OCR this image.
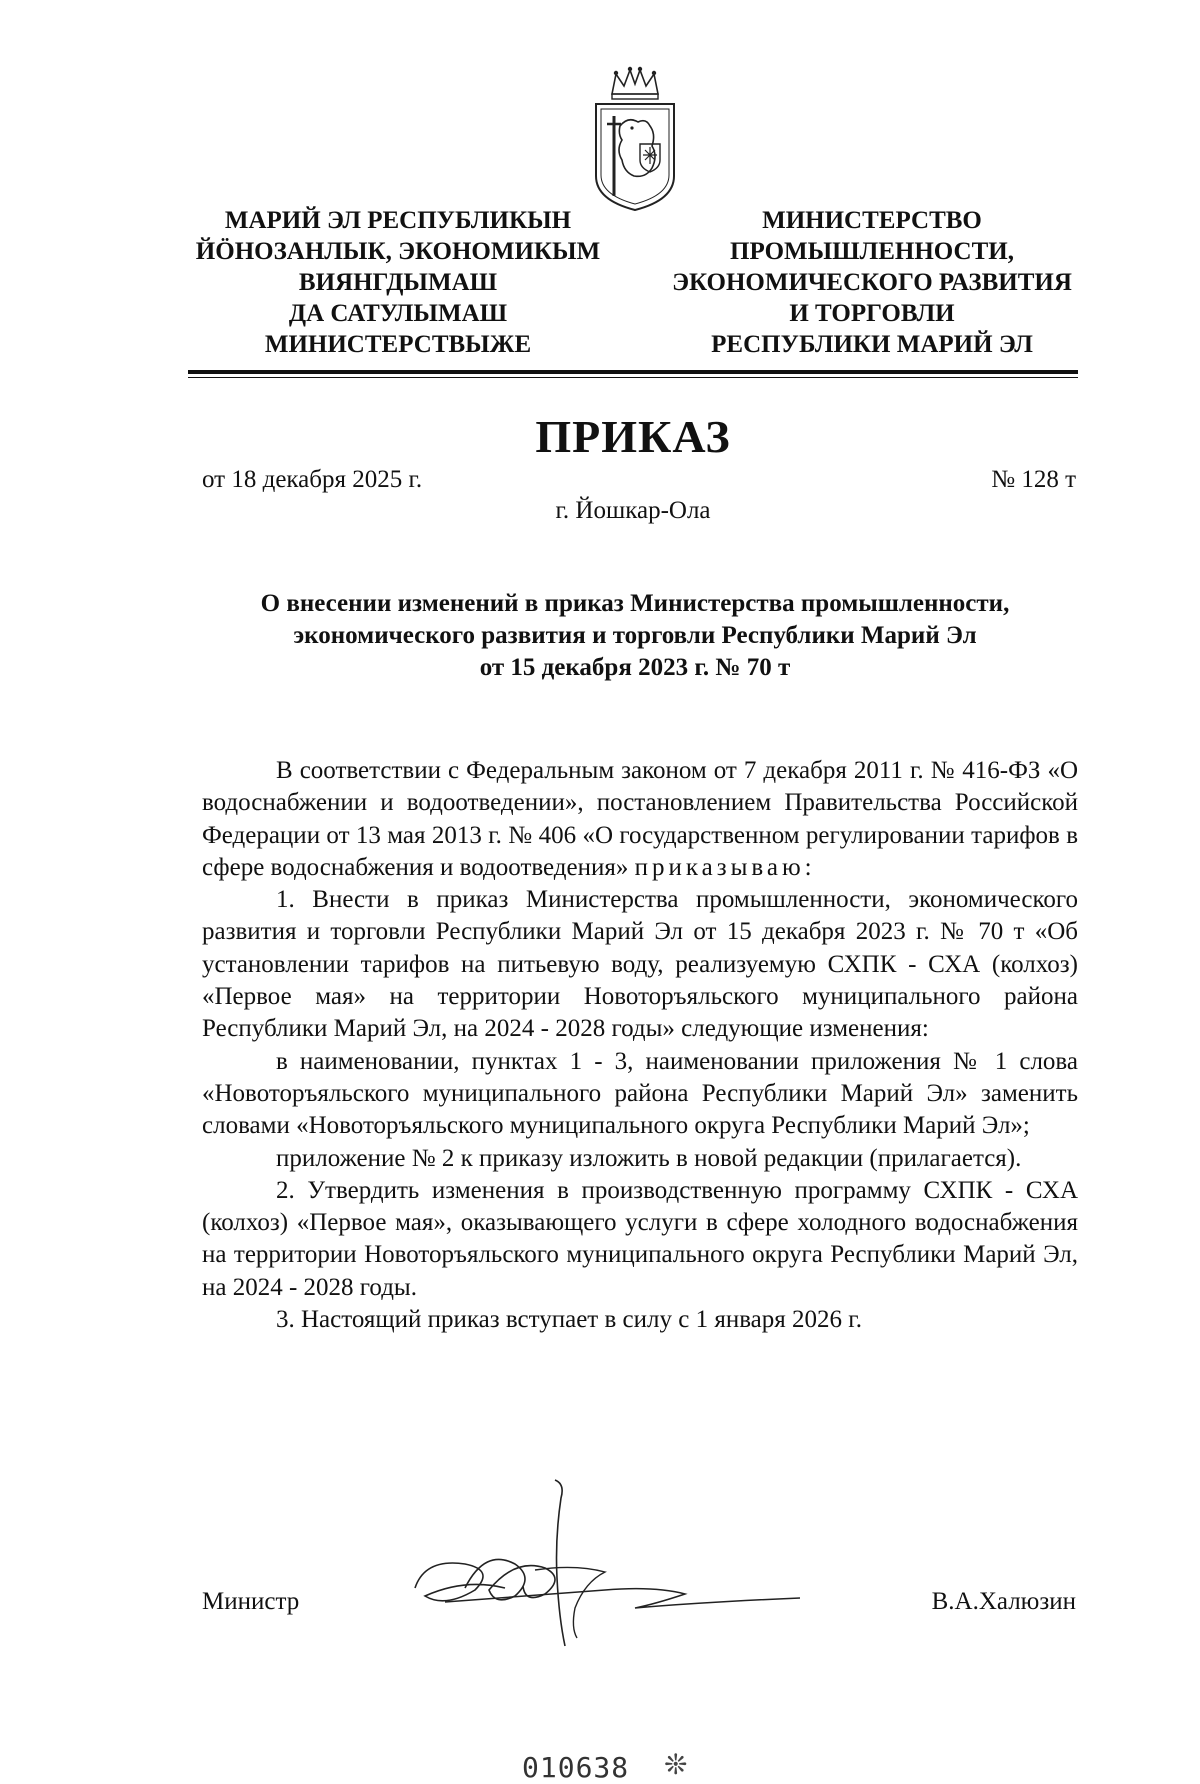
МАРИЙ ЭЛ РЕСПУБЛИКЫН
ЙÖНОЗАНЛЫК, ЭКОНОМИКЫМ
ВИЯНГДЫМАШ
ДА САТУЛЫМАШ
МИНИСТЕРСТВЫЖЕ
МИНИСТЕРСТВО
ПРОМЫШЛЕННОСТИ,
ЭКОНОМИЧЕСКОГО РАЗВИТИЯ
И ТОРГОВЛИ
РЕСПУБЛИКИ МАРИЙ ЭЛ
ПРИКАЗ
от 18 декабря 2025 г.	№ 128 т
г. Йошкар-Ола
О внесении изменений в приказ Министерства промышленности,
экономического развития и торговли Республики Марий Эл
от 15 декабря 2023 г. № 70 т

В соответствии с Федеральным законом от 7 декабря 2011 г. № 416-ФЗ «О водоснабжении и водоотведении», постановлением Правительства Российской Федерации от 13 мая 2013 г. № 406 «О государственном регулировании тарифов в сфере водоснабжения и водоотведения» приказываю:

1. Внести в приказ Министерства промышленности, экономического развития и торговли Республики Марий Эл от 15 декабря 2023 г. № 70 т «Об установлении тарифов на питьевую воду, реализуемую СХПК - СХА (колхоз) «Первое мая» на территории Новоторъяльского муниципального района Республики Марий Эл, на 2024 - 2028 годы» следующие изменения:

в наименовании, пунктах 1 - 3, наименовании приложения № 1 слова «Новоторъяльского муниципального района Республики Марий Эл» заменить словами «Новоторъяльского муниципального округа Республики Марий Эл»;

приложение № 2 к приказу изложить в новой редакции (прилагается).

2. Утвердить изменения в производственную программу СХПК - СХА (колхоз) «Первое мая», оказывающего услуги в сфере холодного водоснабжения на территории Новоторъяльского муниципального округа Республики Марий Эл, на 2024 - 2028 годы.

3. Настоящий приказ вступает в силу с 1 января 2026 г.

Министр	В.А.Халюзин
010638 ❊
